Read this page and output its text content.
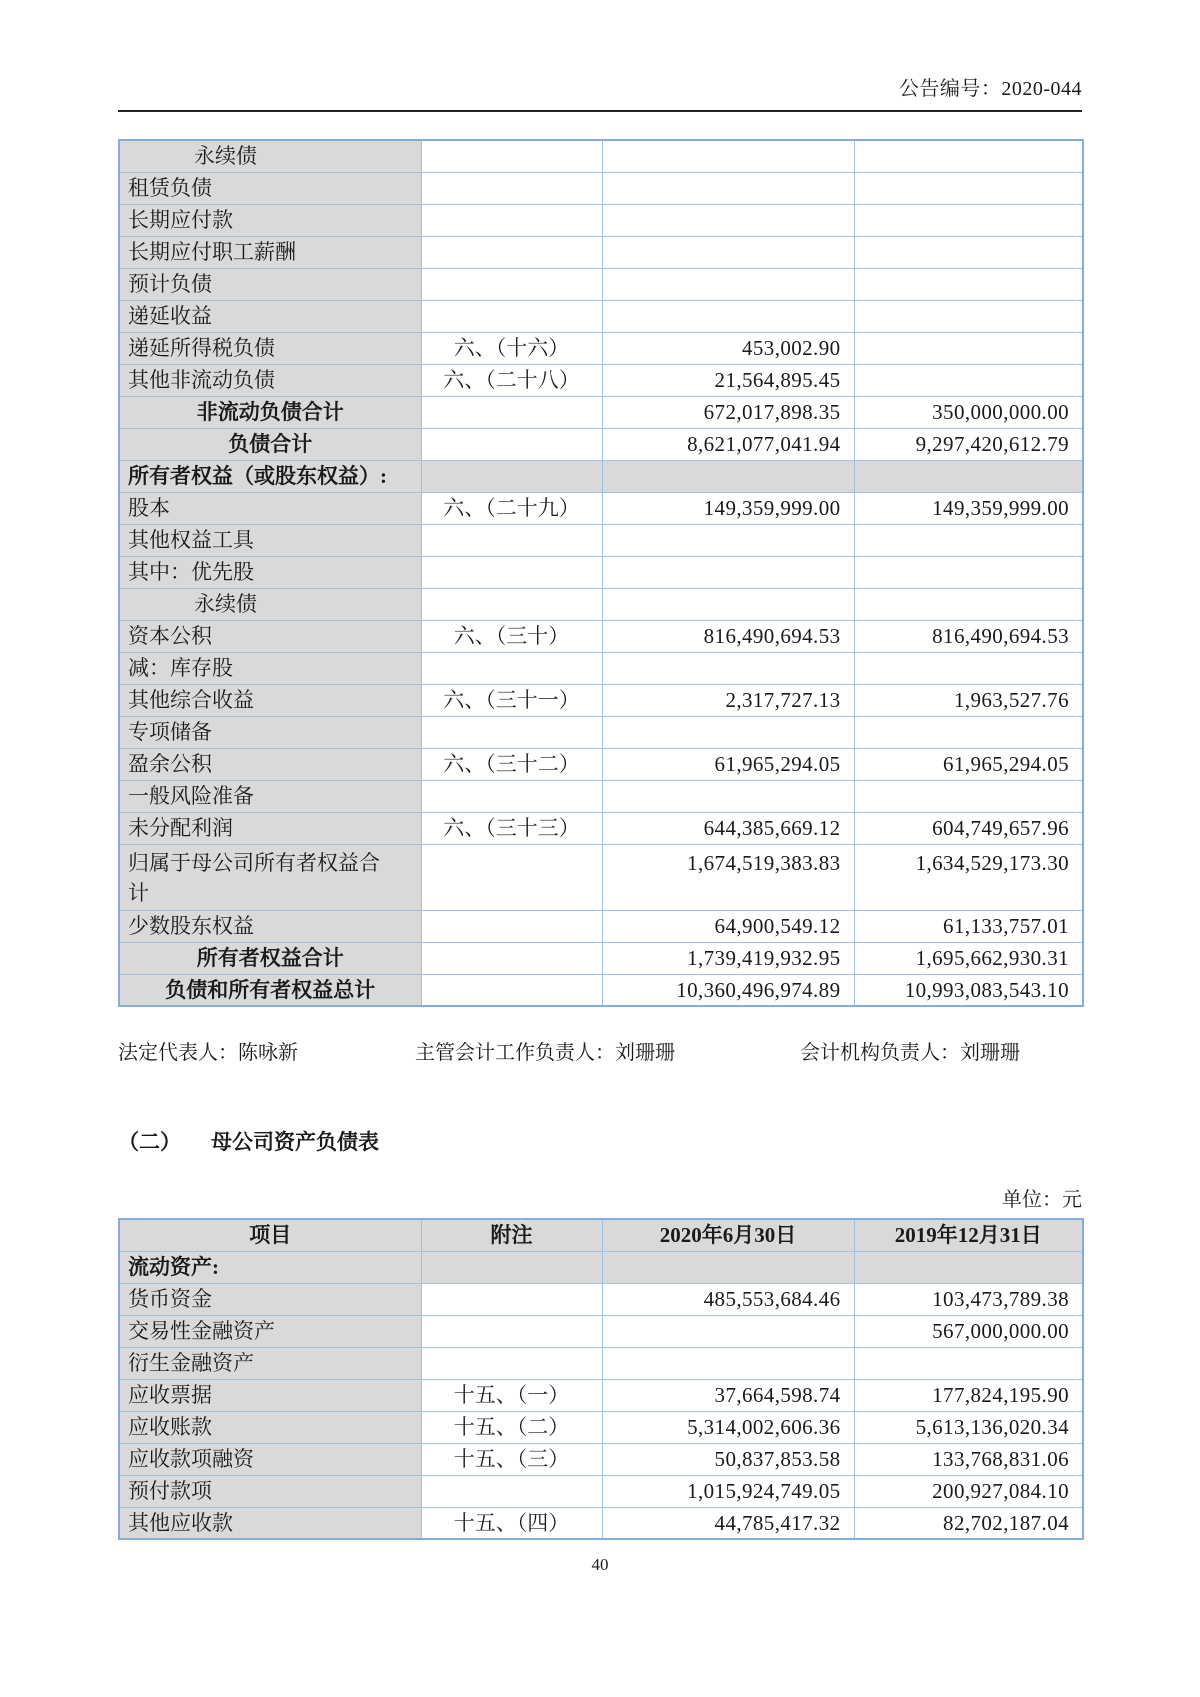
公告编号：2020-044
永续债			
租赁负债			
长期应付款			
长期应付职工薪酬			
预计负债			
递延收益			
递延所得税负债	六、（十六）	453,002.90	
其他非流动负债	六、（二十八）	21,564,895.45	
非流动负债合计		672,017,898.35	350,000,000.00
负债合计		8,621,077,041.94	9,297,420,612.79
所有者权益（或股东权益）:			
股本	六、（二十九）	149,359,999.00	149,359,999.00
其他权益工具			
其中：优先股			
永续债			
资本公积	六、（三十）	816,490,694.53	816,490,694.53
减：库存股			
其他综合收益	六、（三十一）	2,317,727.13	1,963,527.76
专项储备			
盈余公积	六、（三十二）	61,965,294.05	61,965,294.05
一般风险准备			
未分配利润	六、（三十三）	644,385,669.12	604,749,657.96
归属于母公司所有者权益合计		1,674,519,383.83	1,634,529,173.30
少数股东权益		64,900,549.12	61,133,757.01
所有者权益合计		1,739,419,932.95	1,695,662,930.31
负债和所有者权益总计		10,360,496,974.89	10,993,083,543.10
法定代表人：陈咏新	主管会计工作负责人：刘珊珊	会计机构负责人：刘珊珊
（二） 母公司资产负债表
单位：元
项目	附注	2020年6月30日	2019年12月31日
流动资产:			
货币资金		485,553,684.46	103,473,789.38
交易性金融资产			567,000,000.00
衍生金融资产			
应收票据	十五、（一）	37,664,598.74	177,824,195.90
应收账款	十五、（二）	5,314,002,606.36	5,613,136,020.34
应收款项融资	十五、（三）	50,837,853.58	133,768,831.06
预付款项		1,015,924,749.05	200,927,084.10
其他应收款	十五、（四）	44,785,417.32	82,702,187.04
40
